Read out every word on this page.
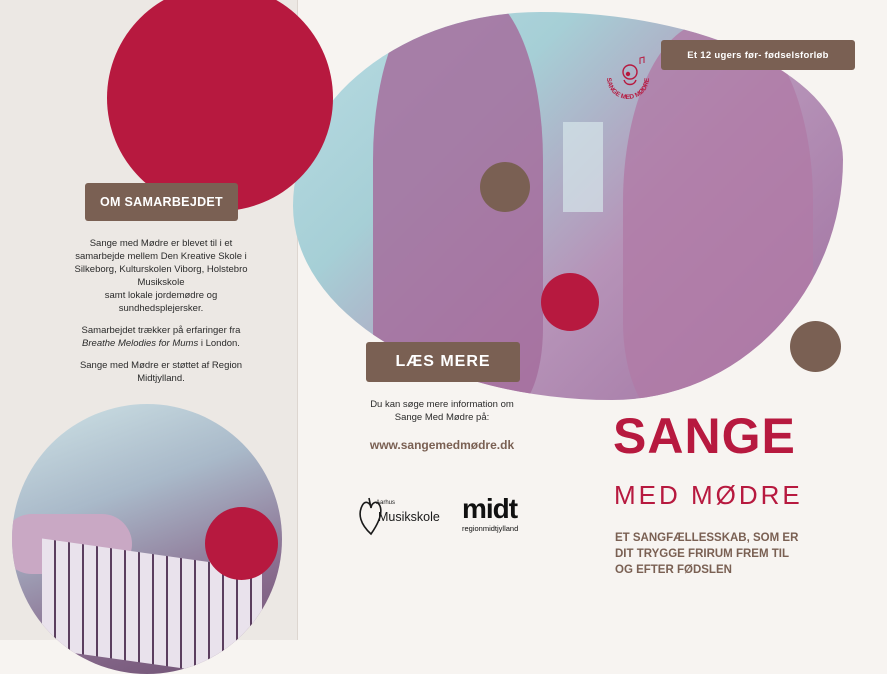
OM SAMARBEJDET

Sange med Mødre er blevet til i et
samarbejde mellem Den Kreative Skole i
Silkeborg, Kulturskolen Viborg, Holstebro
Musikskole
samt lokale jordemødre og
sundhedsplejersker.

Samarbejdet trækker på erfaringer fra
Breathe Melodies for Mums i London.

Sange med Mødre er støttet af Region
Midtjylland.

LÆS MERE
Du kan søge mere information om
Sange Med Mødre på:
www.sangemedmødre.dk
Aarhus
Musikskole midt
regionmidtjylland
Et 12 ugers før- fødselsforløb
SANGE MED MØDRE
SANGE
MED MØDRE
ET SANGFÆLLESSKAB, SOM ER
DIT TRYGGE FRIRUM FREM TIL
OG EFTER FØDSLEN
